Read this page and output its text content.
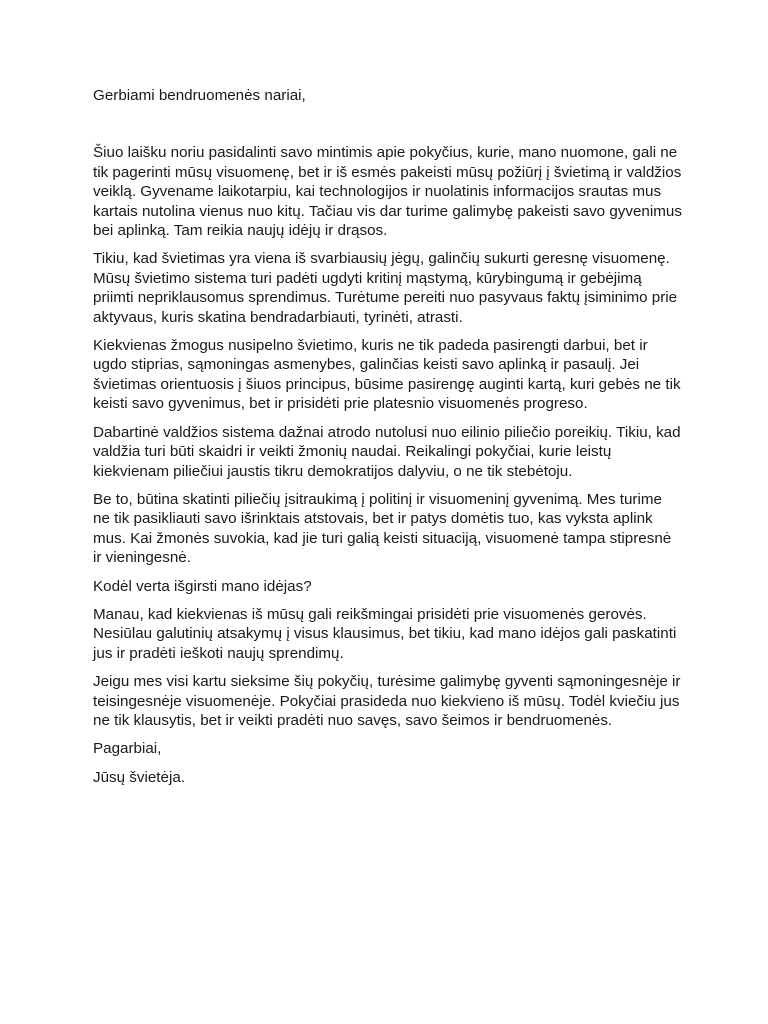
Gerbiami bendruomenės nariai,

Šiuo laišku noriu pasidalinti savo mintimis apie pokyčius, kurie, mano nuomone, gali ne tik pagerinti mūsų visuomenę, bet ir iš esmės pakeisti mūsų požiūrį į švietimą ir valdžios veiklą. Gyvename laikotarpiu, kai technologijos ir nuolatinis informacijos srautas mus kartais nutolina vienus nuo kitų. Tačiau vis dar turime galimybę pakeisti savo gyvenimus bei aplinką. Tam reikia naujų idėjų ir drąsos.

Tikiu, kad švietimas yra viena iš svarbiausių jėgų, galinčių sukurti geresnę visuomenę. Mūsų švietimo sistema turi padėti ugdyti kritinį mąstymą, kūrybingumą ir gebėjimą priimti nepriklausomus sprendimus. Turėtume pereiti nuo pasyvaus faktų įsiminimo prie aktyvaus, kuris skatina bendradarbiauti, tyrinėti, atrasti.

Kiekvienas žmogus nusipelno švietimo, kuris ne tik padeda pasirengti darbui, bet ir ugdo stiprias, sąmoningas asmenybes, galinčias keisti savo aplinką ir pasaulį. Jei švietimas orientuosis į šiuos principus, būsime pasirengę auginti kartą, kuri gebės ne tik keisti savo gyvenimus, bet ir prisidėti prie platesnio visuomenės progreso.

Dabartinė valdžios sistema dažnai atrodo nutolusi nuo eilinio piliečio poreikių. Tikiu, kad valdžia turi būti skaidri ir veikti žmonių naudai. Reikalingi pokyčiai, kurie leistų kiekvienam piliečiui jaustis tikru demokratijos dalyviu, o ne tik stebėtoju.

Be to, būtina skatinti piliečių įsitraukimą į politinį ir visuomeninį gyvenimą. Mes turime ne tik pasikliauti savo išrinktais atstovais, bet ir patys domėtis tuo, kas vyksta aplink mus. Kai žmonės suvokia, kad jie turi galią keisti situaciją, visuomenė tampa stipresnė ir vieningesnė.

Kodėl verta išgirsti mano idėjas?

Manau, kad kiekvienas iš mūsų gali reikšmingai prisidėti prie visuomenės gerovės. Nesiūlau galutinių atsakymų į visus klausimus, bet tikiu, kad mano idėjos gali paskatinti jus ir pradėti ieškoti naujų sprendimų.

Jeigu mes visi kartu sieksime šių pokyčių, turėsime galimybę gyventi sąmoningesnėje ir teisingesnėje visuomenėje. Pokyčiai prasideda nuo kiekvieno iš mūsų. Todėl kviečiu jus ne tik klausytis, bet ir veikti pradėti nuo savęs, savo šeimos ir bendruomenės.

Pagarbiai,

Jūsų švietėja.
